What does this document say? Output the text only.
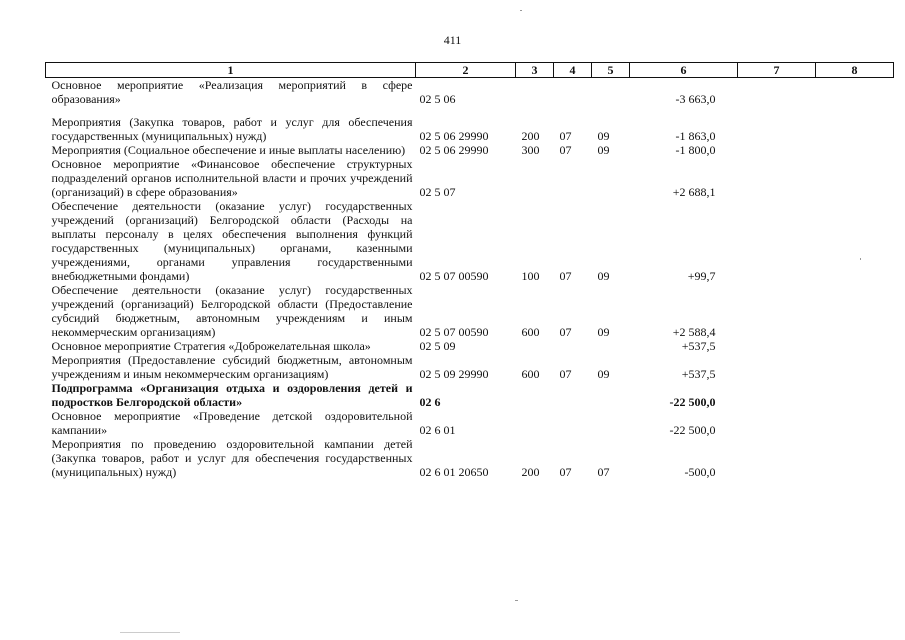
411
1	2	3	4	5	6	7	8
Основное мероприятие «Реализация мероприятий в сфере образования»	02 5 06				-3 663,0		
Мероприятия (Закупка товаров, работ и услуг для обеспечения государственных (муниципальных) нужд)	02 5 06 29990	200	07	09	-1 863,0		
Мероприятия (Социальное обеспечение и иные выплаты населению)	02 5 06 29990	300	07	09	-1 800,0		
Основное мероприятие «Финансовое обеспечение структурных подразделений органов исполнительной власти и прочих учреждений (организаций) в сфере образования»	02 5 07				+2 688,1		
Обеспечение деятельности (оказание услуг) государственных учреждений (организаций) Белгородской области (Расходы на выплаты персоналу в целях обеспечения выполнения функций государственных (муниципальных) органами, казенными учреждениями, органами управления государственными внебюджетными фондами)	02 5 07 00590	100	07	09	+99,7		
Обеспечение деятельности (оказание услуг) государственных учреждений (организаций) Белгородской области (Предоставление субсидий бюджетным, автономным учреждениям и иным некоммерческим организациям)	02 5 07 00590	600	07	09	+2 588,4		
Основное мероприятие Стратегия «Доброжелательная школа»	02 5 09				+537,5		
Мероприятия (Предоставление субсидий бюджетным, автономным учреждениям и иным некоммерческим организациям)	02 5 09 29990	600	07	09	+537,5		
Подпрограмма «Организация отдыха и оздоровления детей и подростков Белгородской области»	02 6				-22 500,0		
Основное мероприятие «Проведение детской оздоровительной кампании»	02 6 01				-22 500,0		
Мероприятия по проведению оздоровительной кампании детей (Закупка товаров, работ и услуг для обеспечения государственных (муниципальных) нужд)	02 6 01 20650	200	07	07	-500,0		
